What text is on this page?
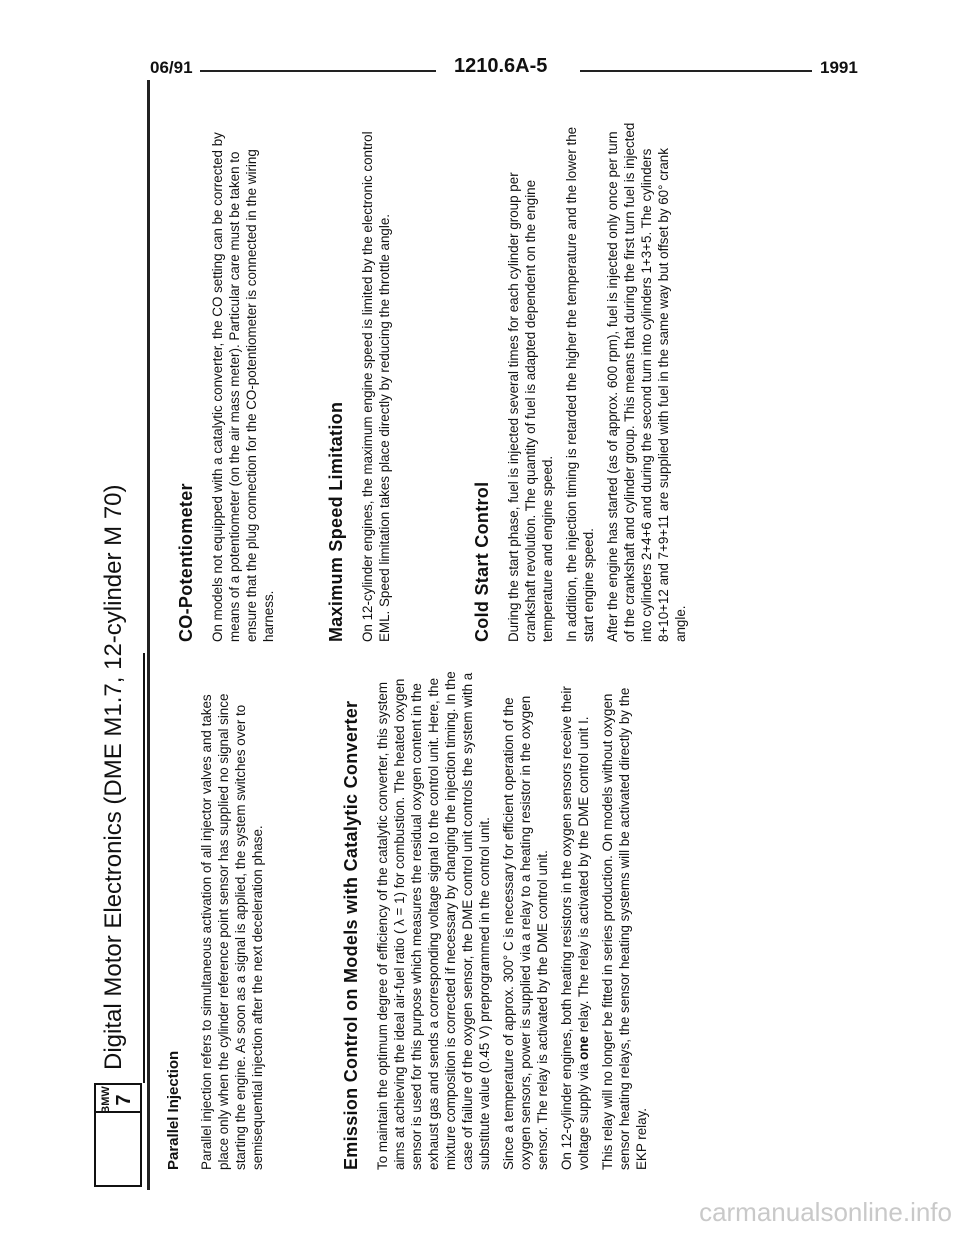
06/91	1210.6A-5	1991
BMW 7
Digital Motor Electronics (DME M1.7, 12-cylinder M 70)
Parallel Injection Parallel injection refers to simultaneous activation of all injector valves and takes place only when the cylinder reference point sensor has supplied no signal since starting the engine. As soon as a signal is applied, the system switches over to semisequential injection after the next deceleration phase.	Emission Control on Models with Catalytic Converter To maintain the optimum degree of efficiency of the catalytic converter, this system aims at achieving the ideal air-fuel ratio ( λ = 1) for combustion. The heated oxygen sensor is used for this purpose which measures the residual oxygen content in the exhaust gas and sends a corresponding voltage signal to the control unit. Here, the mixture composition is corrected if necessary by changing the injection timing. In the case of failure of the oxygen sensor, the DME control unit controls the system with a substitute value (0.45 V) preprogrammed in the control unit. Since a temperature of approx. 300° C is necessary for efficient operation of the oxygen sensors, power is supplied via a relay to a heating resistor in the oxygen sensor. The relay is activated by the DME control unit. On 12-cylinder engines, both heating resistors in the oxygen sensors receive their voltage supply via one relay. The relay is activated by the DME control unit I. This relay will no longer be fitted in series production. On models without oxygen sensor heating relays, the sensor heating systems will be activated directly by the EKP relay.

CO-Potentiometer On models not equipped with a catalytic converter, the CO setting can be corrected by means of a potentiometer (on the air mass meter). Particular care must be taken to ensure that the plug connection for the CO-potentiometer is connected in the wiring harness.	Maximum Speed Limitation On 12-cylinder engines, the maximum engine speed is limited by the electronic control EML. Speed limitation takes place directly by reducing the throttle angle.	Cold Start Control During the start phase, fuel is injected several times for each cylinder group per crankshaft revolution. The quantity of fuel is adapted dependent on the engine temperature and engine speed. In addition, the injection timing is retarded the higher the temperature and the lower the start engine speed. After the engine has started (as of approx. 600 rpm), fuel is injected only once per turn of the crankshaft and cylinder group. This means that during the first turn fuel is injected into cylinders 2+4+6 and during the second turn into cylinders 1+3+5. The cylinders 8+10+12 and 7+9+11 are supplied with fuel in the same way but offset by 60° crank angle.

carmanualsonline.info
